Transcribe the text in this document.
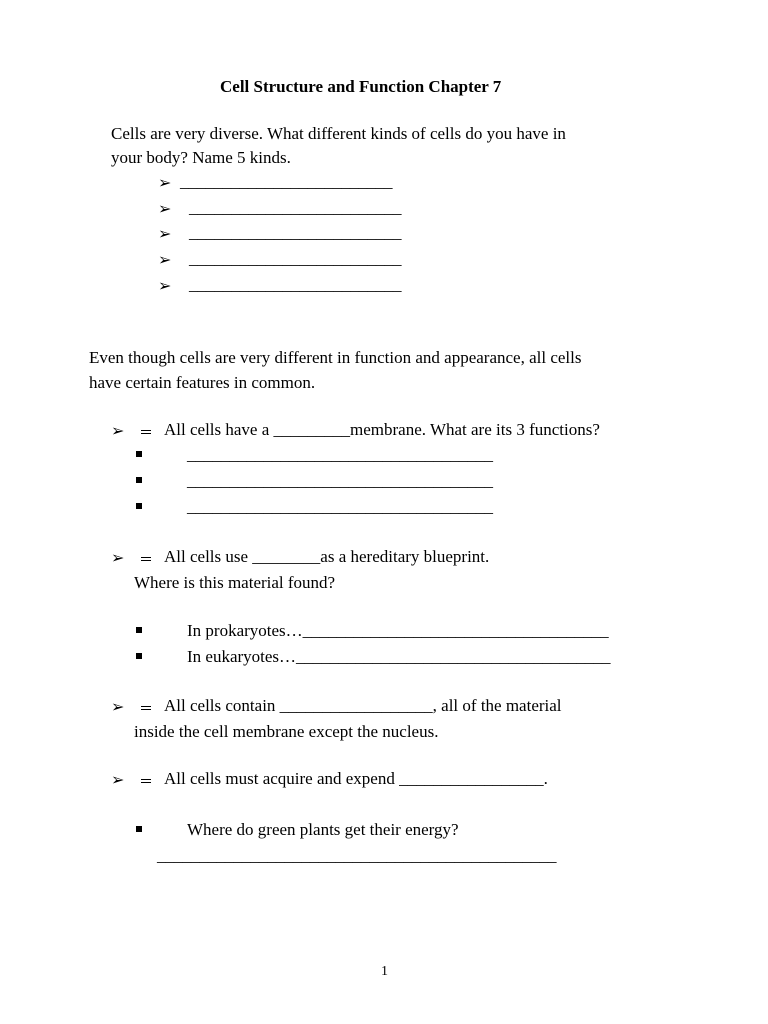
Cell Structure and Function Chapter 7
Cells are very diverse. What different kinds of cells do you have in
your body? Name 5 kinds.
➢ _________________________
➢ _________________________
➢ _________________________
➢ _________________________
➢ _________________________
Even though cells are very different in function and appearance, all cells
have certain features in common.
➢ All cells have a _________membrane. What are its 3 functions?
____________________________________
____________________________________
____________________________________
➢ All cells use ________as a hereditary blueprint.
Where is this material found?
In prokaryotes…____________________________________
In eukaryotes…_____________________________________
➢ All cells contain __________________, all of the material
inside the cell membrane except the nucleus.
➢ All cells must acquire and expend _________________.
Where do green plants get their energy?
_______________________________________________
1
